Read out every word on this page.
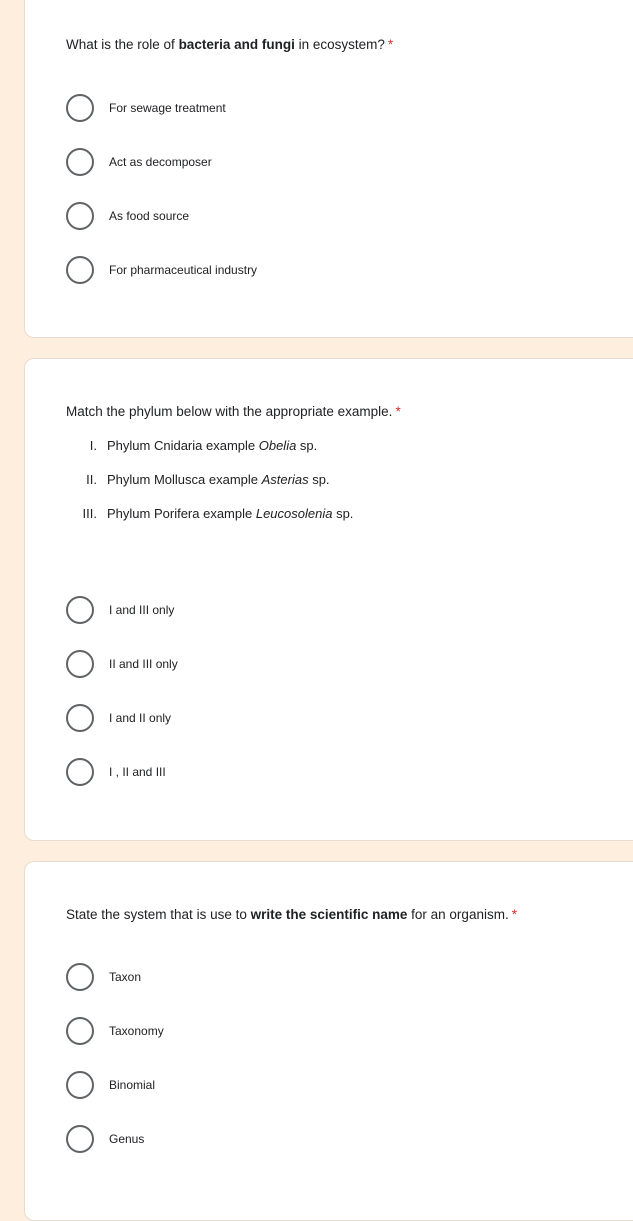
What is the role of bacteria and fungi in ecosystem? *
For sewage treatment
Act as decomposer
As food source
For pharmaceutical industry
Match the phylum below with the appropriate example. *
I. Phylum Cnidaria example Obelia sp.
II. Phylum Mollusca example Asterias sp.
III. Phylum Porifera example Leucosolenia sp.
I and III only
II and III only
I and II only
I , II and III
State the system that is use to write the scientific name for an organism. *
Taxon
Taxonomy
Binomial
Genus
